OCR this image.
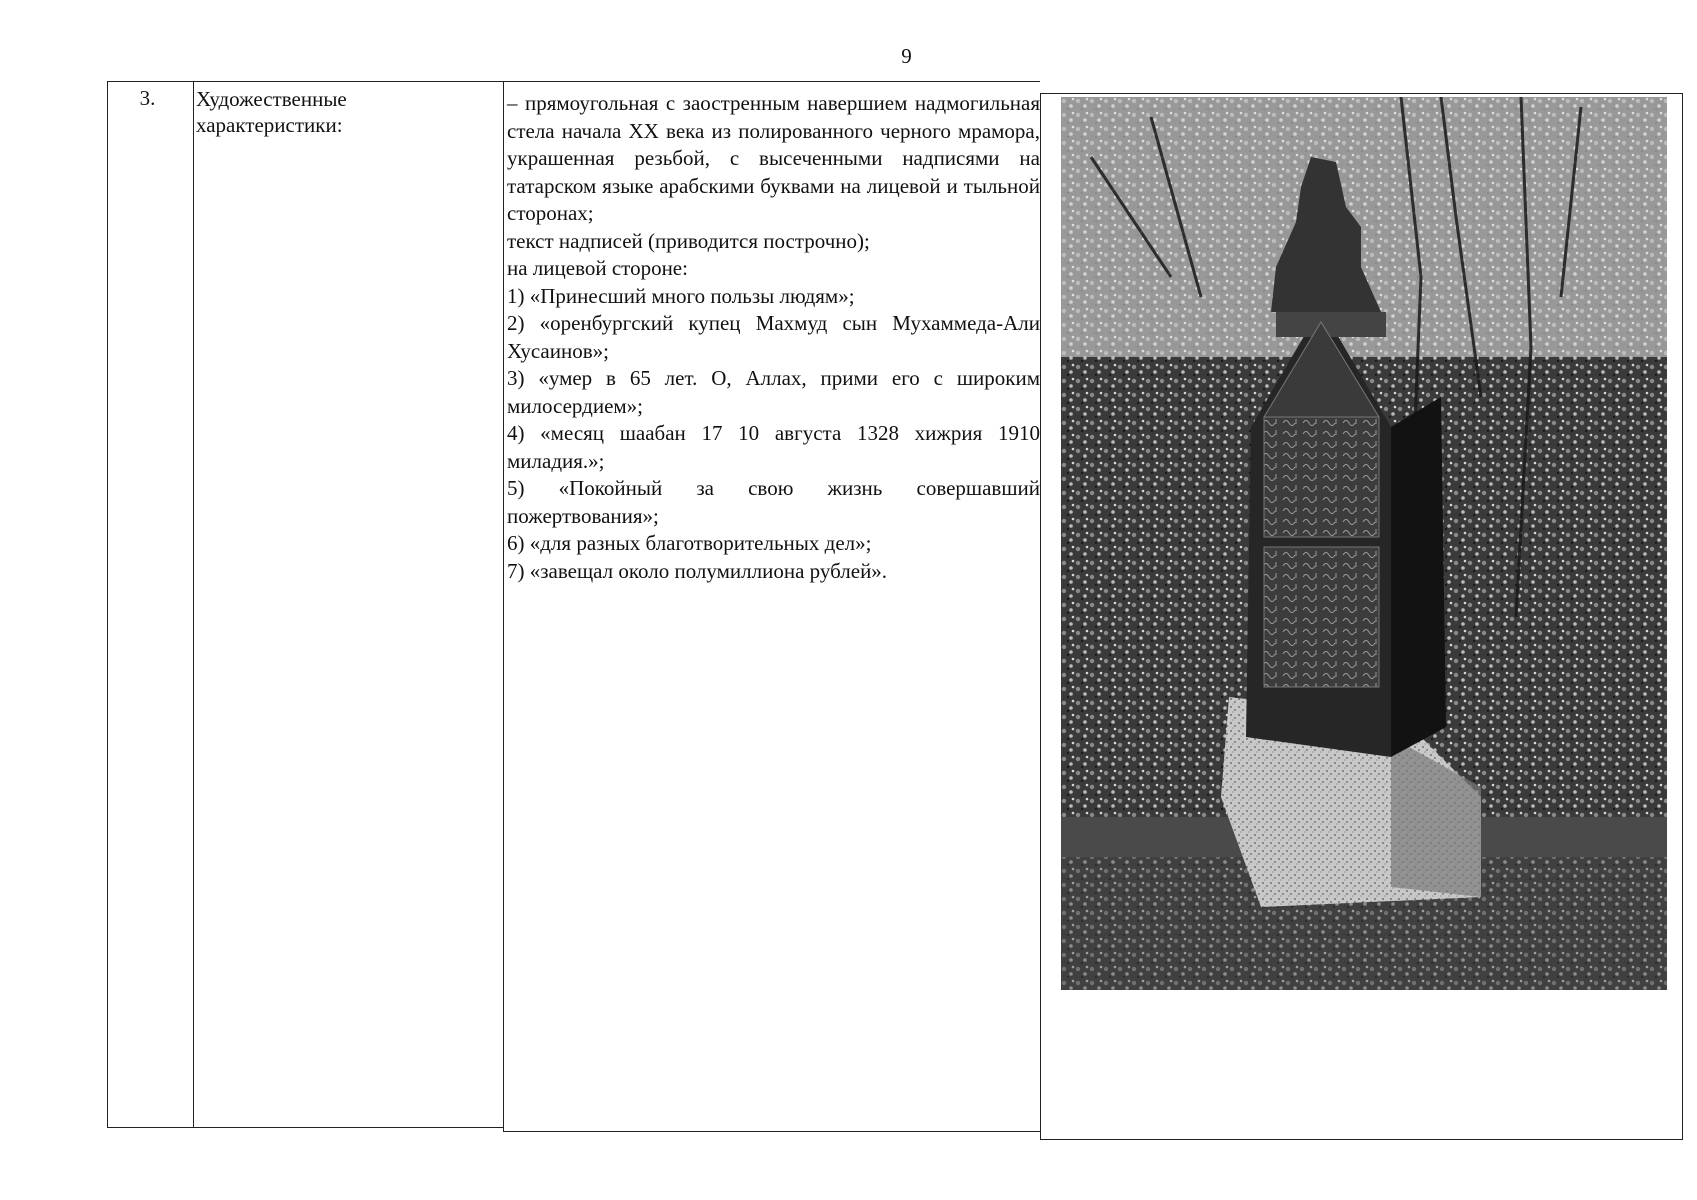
9
3.	Художественные характеристики:

– прямоугольная с заостренным навершием надмогильная стела начала XX века из полированного черного мрамора, украшенная резьбой, с высеченными надписями на татарском языке арабскими буквами на лицевой и тыльной сторонах;

текст надписей (приводится построчно);

на лицевой стороне:

1) «Принесший много пользы людям»;

2) «оренбургский купец Махмуд сын Мухаммеда-Али Хусаинов»;

3) «умер в 65 лет. О, Аллах, прими его с широким милосердием»;

4) «месяц шаабан 17 10 августа 1328 хижрия 1910 миладия.»;

5) «Покойный за свою жизнь совершавший пожертвования»;

6) «для разных благотворительных дел»;

7) «завещал около полумиллиона рублей».
